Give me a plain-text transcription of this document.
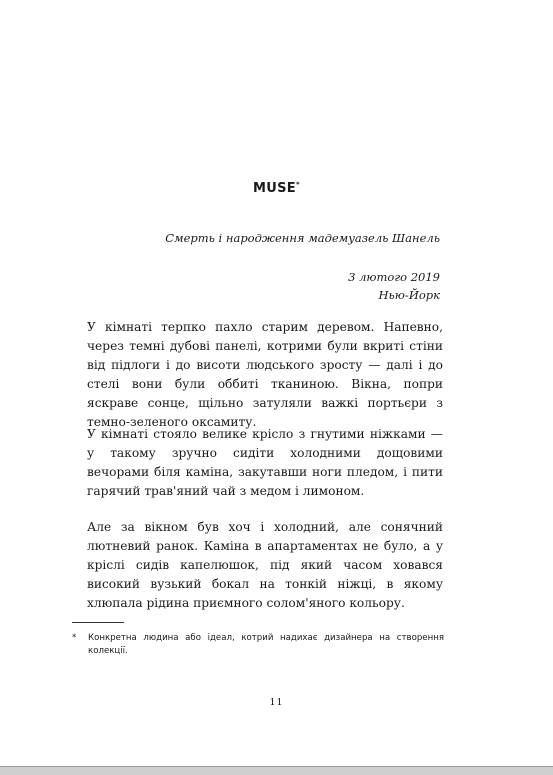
MUSE*

Смерть і народження мадемуазель Шанель

3 лютого 2019
Нью-Йорк

У кімнаті терпко пахло старим деревом. Напевно, через темні дубові панелі, котрими були вкриті стіни від підлоги і до висоти людського зросту — далі і до стелі вони були оббиті тканиною. Вікна, попри яскраве сонце, щільно затуляли важкі портьєри з темно-зеленого оксамиту.

У кімнаті стояло велике крісло з гнутими ніжками — у такому зручно сидіти холодними дощовими вечорами біля каміна, закутавши ноги пледом, і пити гарячий трав'яний чай з медом і лимоном.

Але за вікном був хоч і холодний, але сонячний лютневий ранок. Каміна в апартаментах не було, а у кріслі сидів капелюшок, під який часом ховався високий вузький бокал на тонкій ніжці, в якому хлюпала рідина приємного солом'яного кольору.

*	Конкретна людина або ідеал, котрий надихає дизайнера на створення колекції.

11
